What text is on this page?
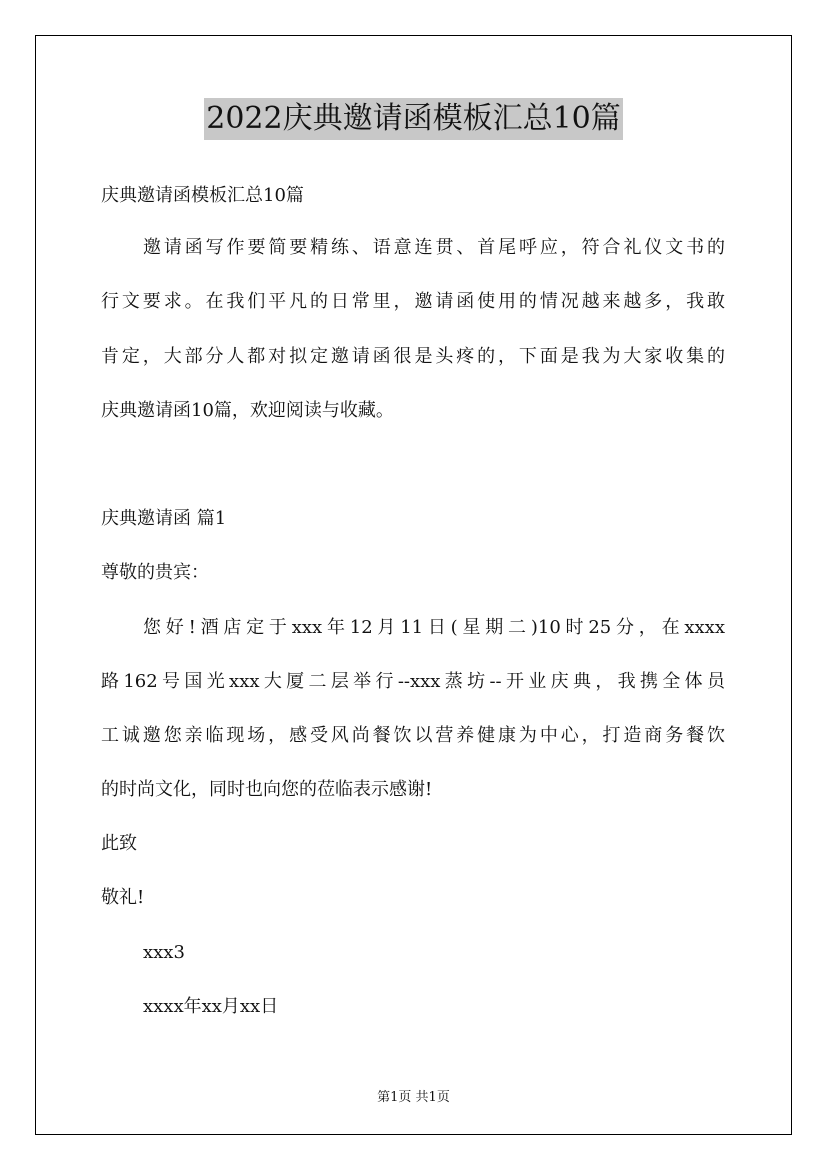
2022庆典邀请函模板汇总10篇

庆典邀请函模板汇总10篇

邀请函写作要简要精练、语意连贯、首尾呼应，符合礼仪文书的

行文要求。在我们平凡的日常里，邀请函使用的情况越来越多，我敢

肯定，大部分人都对拟定邀请函很是头疼的，下面是我为大家收集的

庆典邀请函10篇，欢迎阅读与收藏。

庆典邀请函 篇1

尊敬的贵宾：

您好!酒店定于xxx年12月11日(星期二)10时25分，在xxxx

路162号国光xxx大厦二层举行--xxx蒸坊--开业庆典，我携全体员

工诚邀您亲临现场，感受风尚餐饮以营养健康为中心，打造商务餐饮

的时尚文化，同时也向您的莅临表示感谢!

此致

敬礼!

xxx3

xxxx年xx月xx日

第1页 共1页
